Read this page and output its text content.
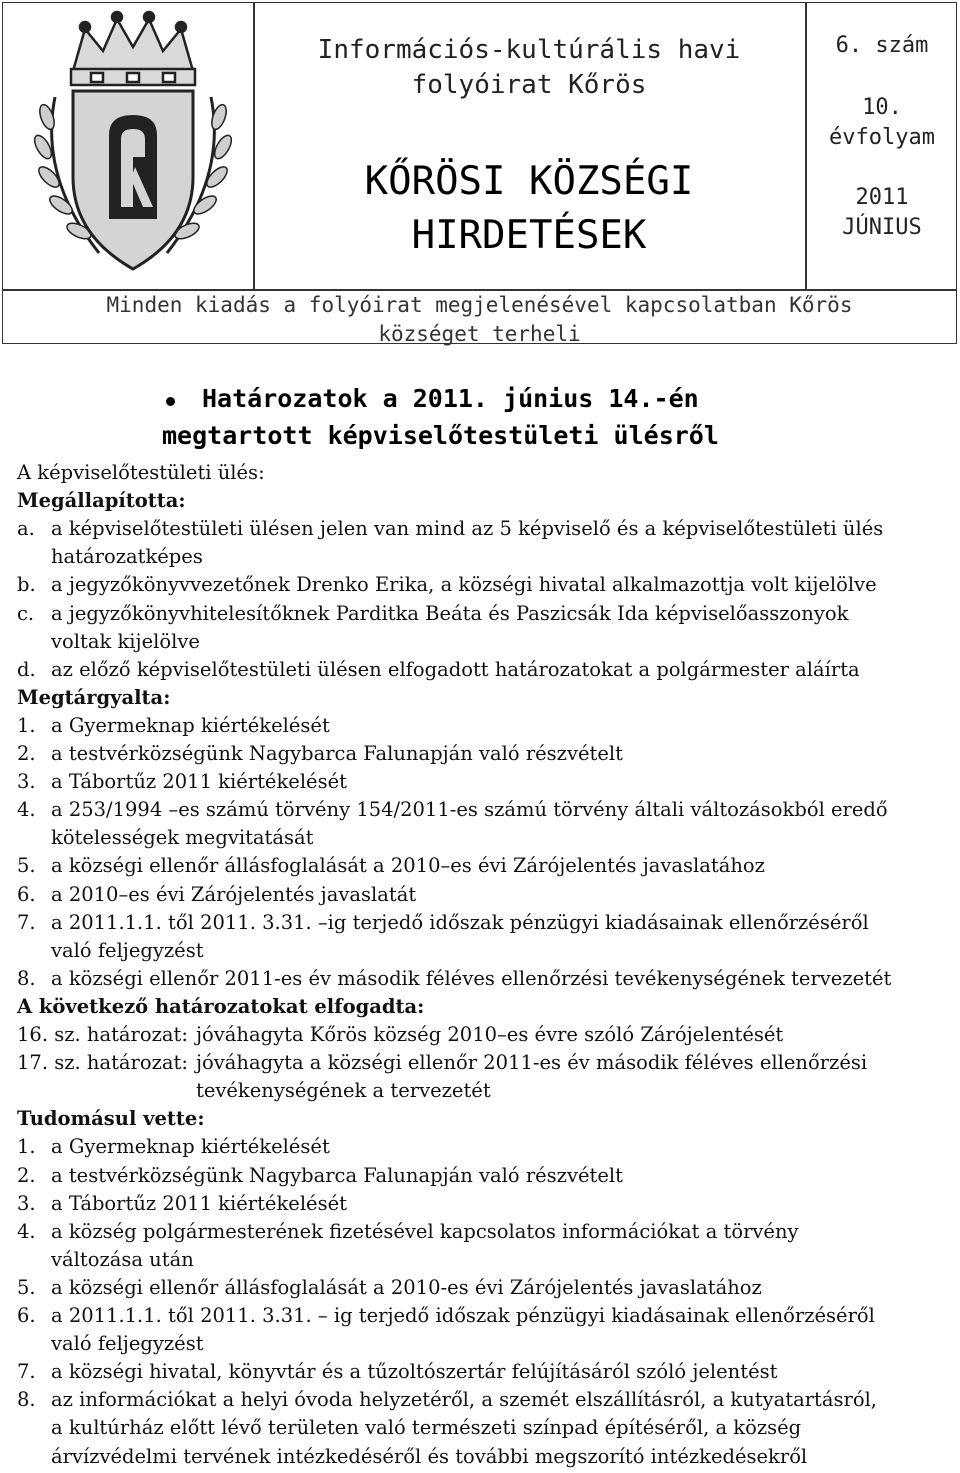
Információs-kultúrális havi
folyóirat Kőrös
KŐRÖSI KÖZSÉGI
HIRDETÉSEK
6. szám
10.
évfolyam
2011
JÚNIUS
Minden kiadás a folyóirat megjelenésével kapcsolatban Kőrös
községet terheli
Határozatok a 2011. június 14.-én
megtartott képviselőtestületi ülésről
A képviselőtestületi ülés:
Megállapította:
a. a képviselőtestületi ülésen jelen van mind az 5 képviselő és a képviselőtestületi ülés
határozatképes
b. a jegyzőkönyvvezetőnek Drenko Erika, a községi hivatal alkalmazottja volt kijelölve
c. a jegyzőkönyvhitelesítőknek Parditka Beáta és Paszicsák Ida képviselőasszonyok
voltak kijelölve
d. az előző képviselőtestületi ülésen elfogadott határozatokat a polgármester aláírta
Megtárgyalta:
1. a Gyermeknap kiértékelését
2. a testvérközségünk Nagybarca Falunapján való részvételt
3. a Tábortűz 2011 kiértékelését
4. a 253/1994 –es számú törvény 154/2011-es számú törvény általi változásokból eredő
kötelességek megvitatását
5. a községi ellenőr állásfoglalását a 2010–es évi Zárójelentés javaslatához
6. a 2010–es évi Zárójelentés javaslatát
7. a 2011.1.1. től 2011. 3.31. –ig terjedő időszak pénzügyi kiadásainak ellenőrzéséről
való feljegyzést
8. a községi ellenőr 2011-es év második féléves ellenőrzési tevékenységének tervezetét
A következő határozatokat elfogadta:
16. sz. határozat: jóváhagyta Kőrös község 2010–es évre szóló Zárójelentését
17. sz. határozat: jóváhagyta a községi ellenőr 2011-es év második féléves ellenőrzési
tevékenységének a tervezetét
Tudomásul vette:
1. a Gyermeknap kiértékelését
2. a testvérközségünk Nagybarca Falunapján való részvételt
3. a Tábortűz 2011 kiértékelését
4. a község polgármesterének fizetésével kapcsolatos információkat a törvény
változása után
5. a községi ellenőr állásfoglalását a 2010-es évi Zárójelentés javaslatához
6. a 2011.1.1. től 2011. 3.31. – ig terjedő időszak pénzügyi kiadásainak ellenőrzéséről
való feljegyzést
7. a községi hivatal, könyvtár és a tűzoltószertár felújításáról szóló jelentést
8. az információkat a helyi óvoda helyzetéről, a szemét elszállításról, a kutyatartásról,
a kultúrház előtt lévő területen való természeti színpad építéséről, a község
árvízvédelmi tervének intézkedéséről és további megszorító intézkedésekről
